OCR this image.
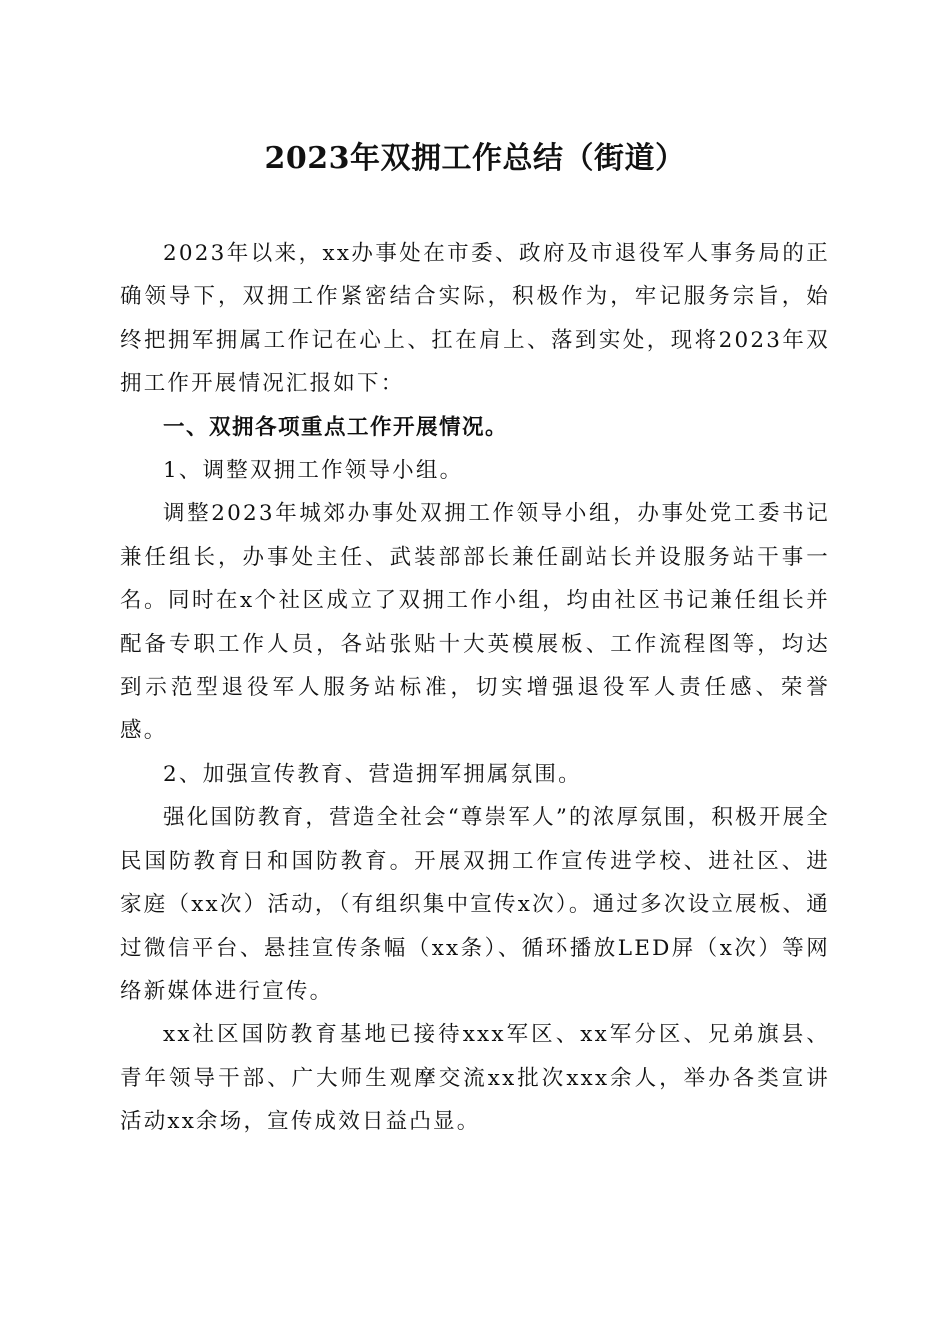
2023年双拥工作总结（街道）

2023年以来，xx办事处在市委、政府及市退役军人事务局的正确领导下，双拥工作紧密结合实际，积极作为，牢记服务宗旨，始终把拥军拥属工作记在心上、扛在肩上、落到实处，现将2023年双拥工作开展情况汇报如下：

一、双拥各项重点工作开展情况。

1、调整双拥工作领导小组。

调整2023年城郊办事处双拥工作领导小组，办事处党工委书记兼任组长，办事处主任、武装部部长兼任副站长并设服务站干事一名。同时在x个社区成立了双拥工作小组，均由社区书记兼任组长并配备专职工作人员，各站张贴十大英模展板、工作流程图等，均达到示范型退役军人服务站标准，切实增强退役军人责任感、荣誉感。

2、加强宣传教育、营造拥军拥属氛围。

强化国防教育，营造全社会“尊崇军人”的浓厚氛围，积极开展全民国防教育日和国防教育。开展双拥工作宣传进学校、进社区、进家庭（xx次）活动，（有组织集中宣传x次）。通过多次设立展板、通过微信平台、悬挂宣传条幅（xx条）、循环播放LED屏（x次）等网络新媒体进行宣传。

xx社区国防教育基地已接待xxx军区、xx军分区、兄弟旗县、青年领导干部、广大师生观摩交流xx批次xxx余人，举办各类宣讲活动xx余场，宣传成效日益凸显。
